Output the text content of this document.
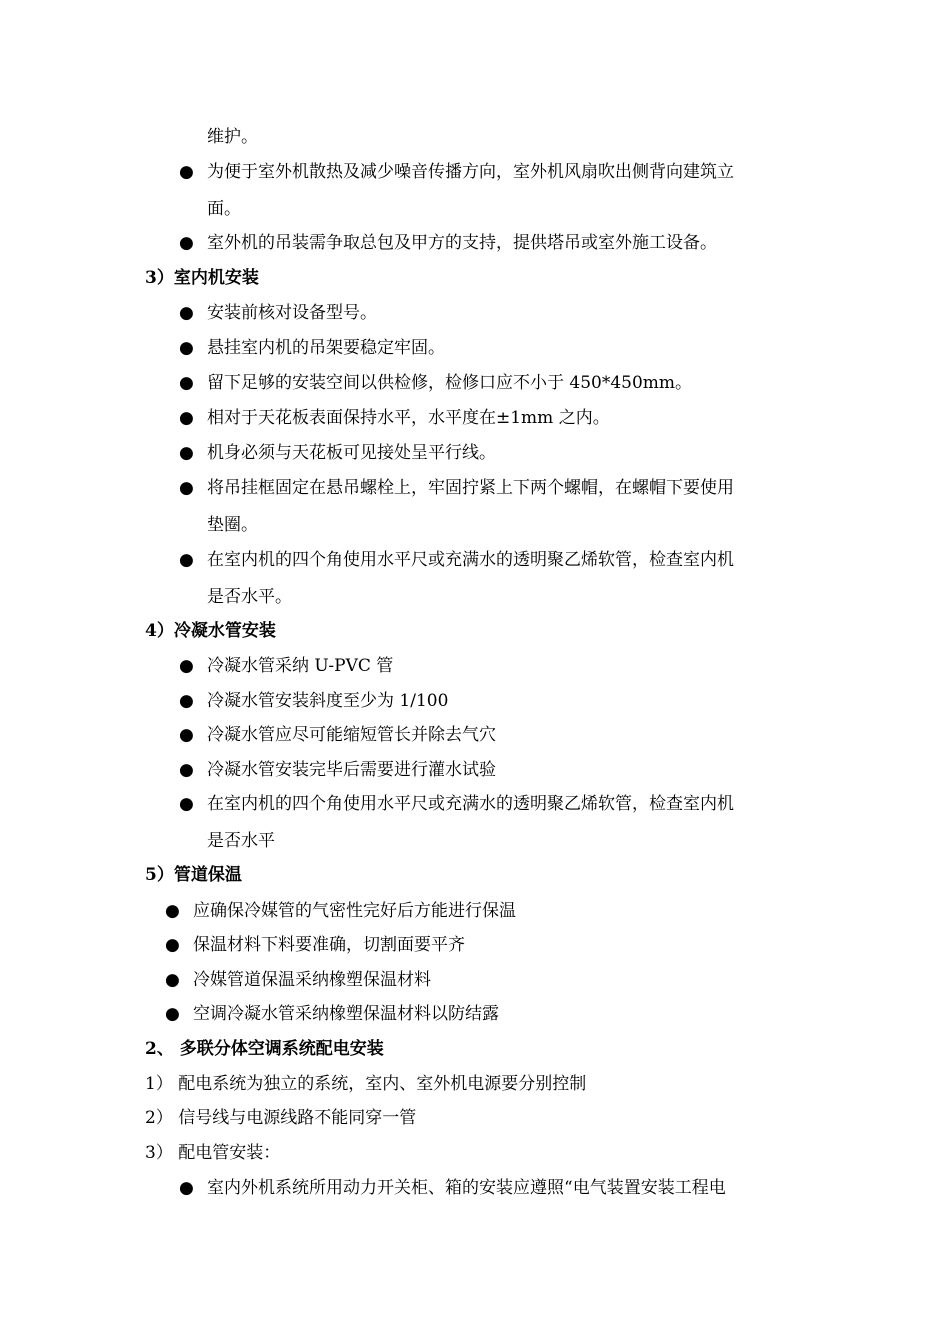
维护。
● 为便于室外机散热及减少噪音传播方向，室外机风扇吹出侧背向建筑立
面。
● 室外机的吊装需争取总包及甲方的支持，提供塔吊或室外施工设备。
3）室内机安装
● 安装前核对设备型号。
● 悬挂室内机的吊架要稳定牢固。
● 留下足够的安装空间以供检修，检修口应不小于 450*450mm。
● 相对于天花板表面保持水平，水平度在±1mm 之内。
● 机身必须与天花板可见接处呈平行线。
● 将吊挂框固定在悬吊螺栓上，牢固拧紧上下两个螺帽，在螺帽下要使用
垫圈。
● 在室内机的四个角使用水平尺或充满水的透明聚乙烯软管，检查室内机
是否水平。
4）冷凝水管安装
● 冷凝水管采纳 U-PVC 管
● 冷凝水管安装斜度至少为 1/100
● 冷凝水管应尽可能缩短管长并除去气穴
● 冷凝水管安装完毕后需要进行灌水试验
● 在室内机的四个角使用水平尺或充满水的透明聚乙烯软管，检查室内机
是否水平
5）管道保温
● 应确保冷媒管的气密性完好后方能进行保温
● 保温材料下料要准确，切割面要平齐
● 冷媒管道保温采纳橡塑保温材料
● 空调冷凝水管采纳橡塑保温材料以防结露
2、 多联分体空调系统配电安装
1） 配电系统为独立的系统，室内、室外机电源要分别控制
2） 信号线与电源线路不能同穿一管
3） 配电管安装：
● 室内外机系统所用动力开关柜、箱的安装应遵照“电气装置安装工程电
